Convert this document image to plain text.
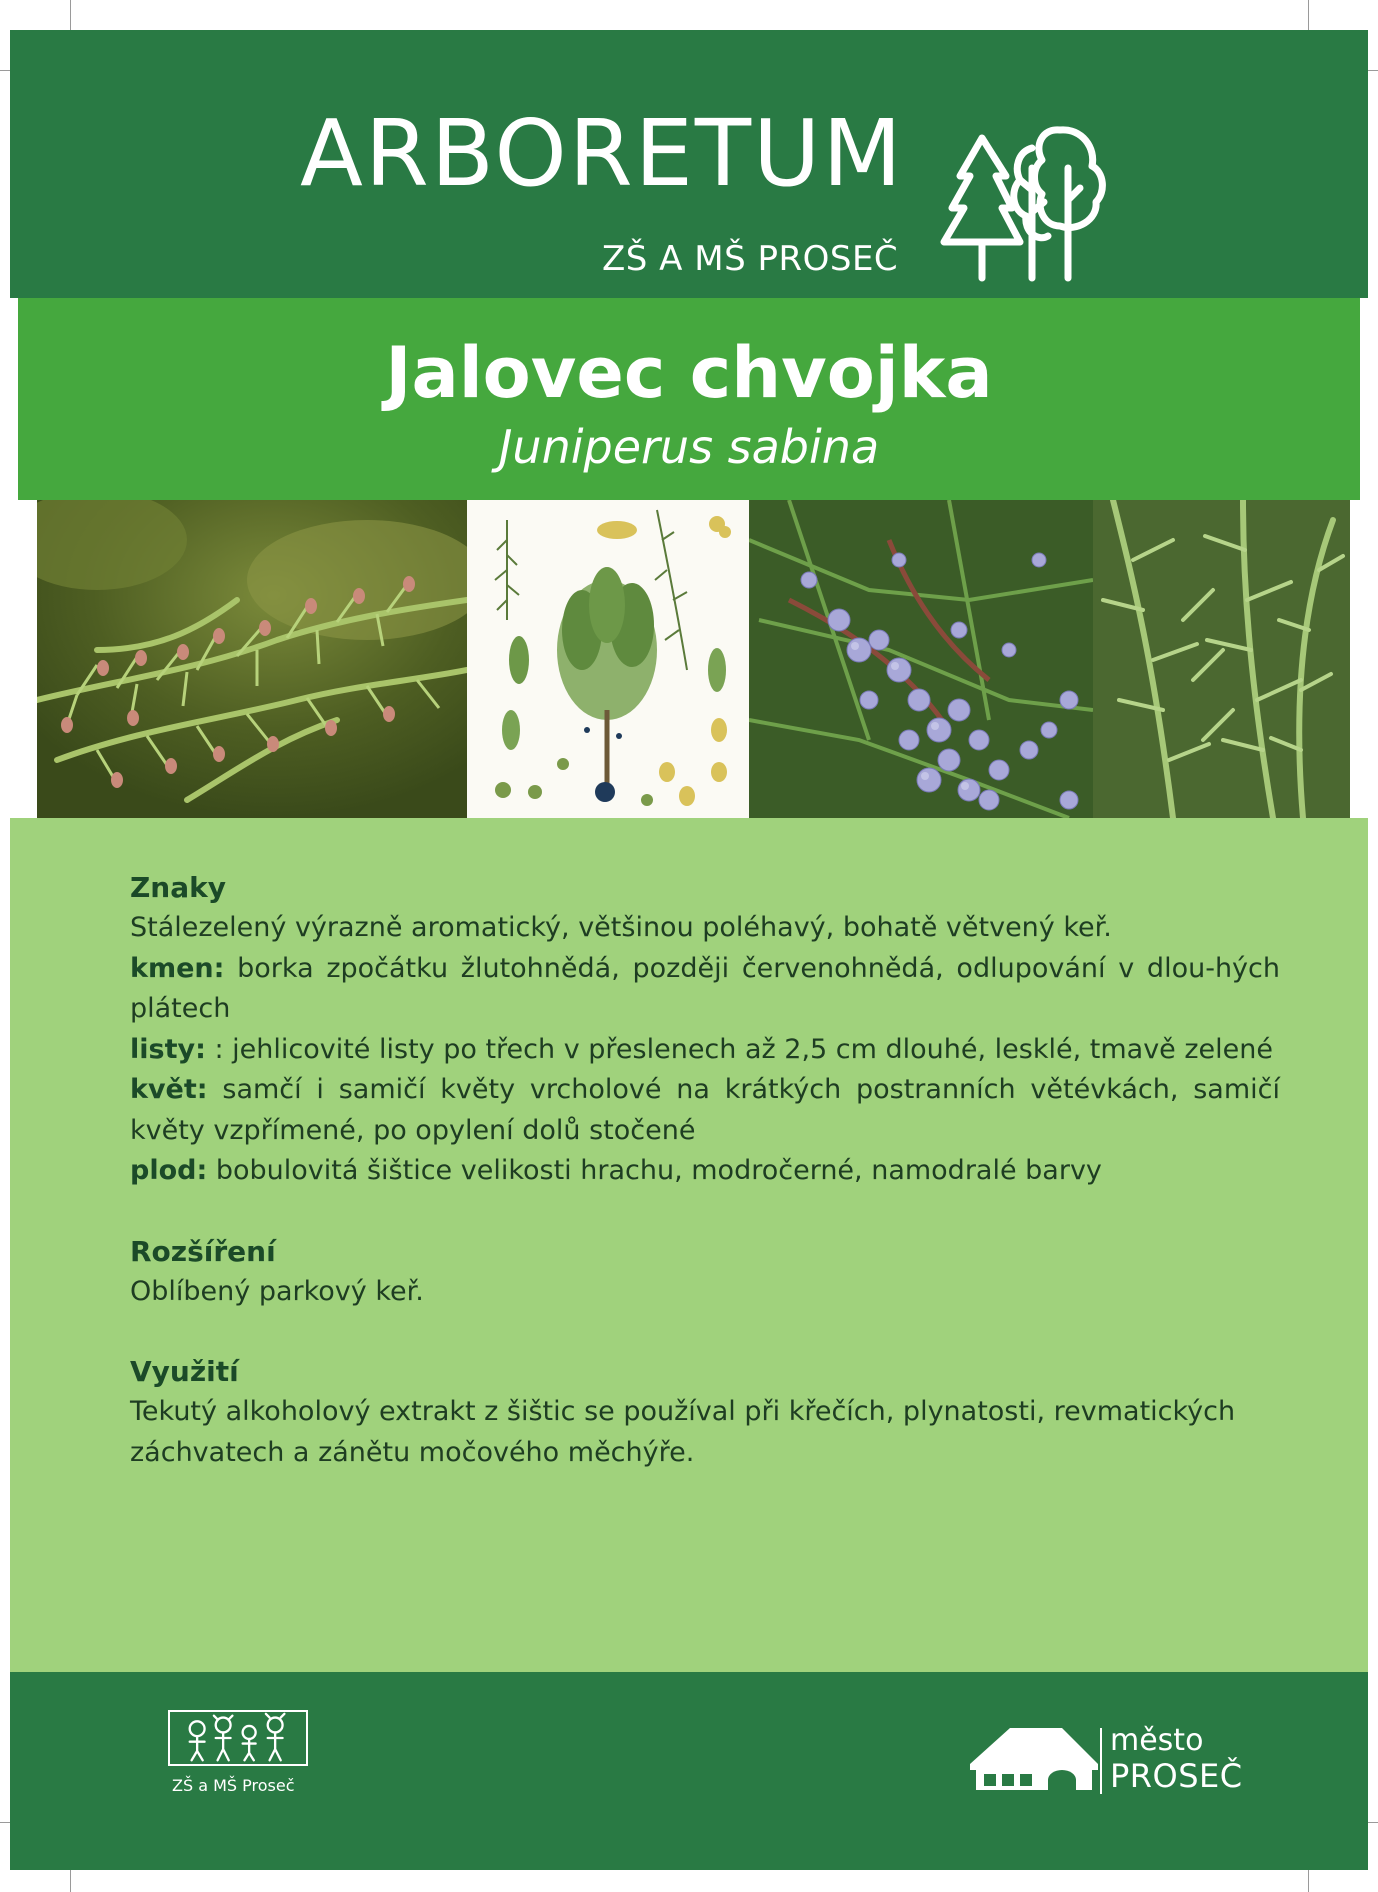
ARBORETUM
ZŠ A MŠ PROSEČ
Jalovec chvojka
Juniperus sabina
Znaky
Stálezelený výrazně aromatický, většinou poléhavý, bohatě větvený keř.
kmen: borka zpočátku žlutohnědá, později červenohnědá, odlupování v dlou-hých plátech
listy: : jehlicovité listy po třech v přeslenech až 2,5 cm dlouhé, lesklé, tmavě zelené
květ: samčí i samičí květy vrcholové na krátkých postranních větévkách, samičí květy vzpřímené, po opylení dolů stočené
plod: bobulovitá šištice velikosti hrachu, modročerné, namodralé barvy
Rozšíření
Oblíbený parkový keř.
Využití
Tekutý alkoholový extrakt z šištic se používal při křečích, plynatosti, revmatických záchvatech a zánětu močového měchýře.
ZŠ a MŠ Proseč
město
PROSEČ
